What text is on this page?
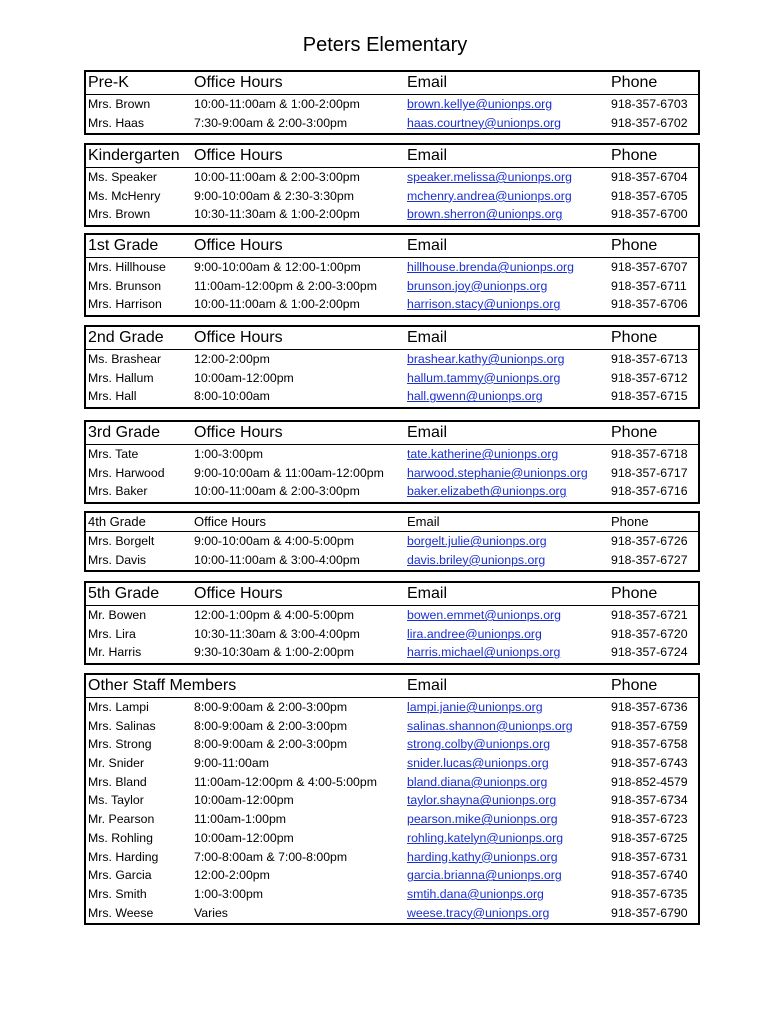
Peters Elementary
Pre-K	Office Hours	Email	Phone
Mrs. Brown	10:00-11:00am & 1:00-2:00pm	brown.kellye@unionps.org	918-357-6703
Mrs. Haas	7:30-9:00am & 2:00-3:00pm	haas.courtney@unionps.org	918-357-6702
Kindergarten Office Hours	Email	Phone
Ms. Speaker	10:00-11:00am & 2:00-3:00pm	speaker.melissa@unionps.org	918-357-6704
Ms. McHenry	9:00-10:00am & 2:30-3:30pm	mchenry.andrea@unionps.org	918-357-6705
Mrs. Brown	10:30-11:30am & 1:00-2:00pm	brown.sherron@unionps.org	918-357-6700
1st Grade Office Hours	Email	Phone
Mrs. Hillhouse 9:00-10:00am & 12:00-1:00pm	hillhouse.brenda@unionps.org	918-357-6707
Mrs. Brunson	11:00am-12:00pm & 2:00-3:00pm brunson.joy@unionps.org	918-357-6711
Mrs. Harrison	10:00-11:00am & 1:00-2:00pm	harrison.stacy@unionps.org	918-357-6706
2nd Grade Office Hours	Email	Phone
Ms. Brashear	12:00-2:00pm	brashear.kathy@unionps.org	918-357-6713
Mrs. Hallum	10:00am-12:00pm	hallum.tammy@unionps.org	918-357-6712
Mrs. Hall	8:00-10:00am	hall.gwenn@unionps.org	918-357-6715
3rd Grade Office Hours	Email	Phone
Mrs. Tate	1:00-3:00pm	tate.katherine@unionps.org	918-357-6718
Mrs. Harwood 9:00-10:00am & 11:00am-12:00pm harwood.stephanie@unionps.org 918-357-6717
Mrs. Baker	10:00-11:00am & 2:00-3:00pm	baker.elizabeth@unionps.org	918-357-6716
4th Grade	Office Hours	Email	Phone
Mrs. Borgelt	9:00-10:00am & 4:00-5:00pm	borgelt.julie@unionps.org	918-357-6726
Mrs. Davis	10:00-11:00am & 3:00-4:00pm	davis.briley@unionps.org	918-357-6727
5th Grade Office Hours	Email	Phone
Mr. Bowen	12:00-1:00pm & 4:00-5:00pm	bowen.emmet@unionps.org	918-357-6721
Mrs. Lira	10:30-11:30am & 3:00-4:00pm	lira.andree@unionps.org	918-357-6720
Mr. Harris	9:30-10:30am & 1:00-2:00pm	harris.michael@unionps.org	918-357-6724
Other Staff Members	Email	Phone
Mrs. Lampi	8:00-9:00am & 2:00-3:00pm	lampi.janie@unionps.org	918-357-6736
Mrs. Salinas	8:00-9:00am & 2:00-3:00pm	salinas.shannon@unionps.org	918-357-6759
Mrs. Strong	8:00-9:00am & 2:00-3:00pm	strong.colby@unionps.org	918-357-6758
Mr. Snider	9:00-11:00am	snider.lucas@unionps.org	918-357-6743
Mrs. Bland	11:00am-12:00pm & 4:00-5:00pm bland.diana@unionps.org	918-852-4579
Ms. Taylor	10:00am-12:00pm	taylor.shayna@unionps.org	918-357-6734
Mr. Pearson	11:00am-1:00pm	pearson.mike@unionps.org	918-357-6723
Ms. Rohling	10:00am-12:00pm	rohling.katelyn@unionps.org	918-357-6725
Mrs. Harding	7:00-8:00am & 7:00-8:00pm	harding.kathy@unionps.org	918-357-6731
Mrs. Garcia	12:00-2:00pm	garcia.brianna@unionps.org	918-357-6740
Mrs. Smith	1:00-3:00pm	smtih.dana@unionps.org	918-357-6735
Mrs. Weese	Varies	weese.tracy@unionps.org	918-357-6790
